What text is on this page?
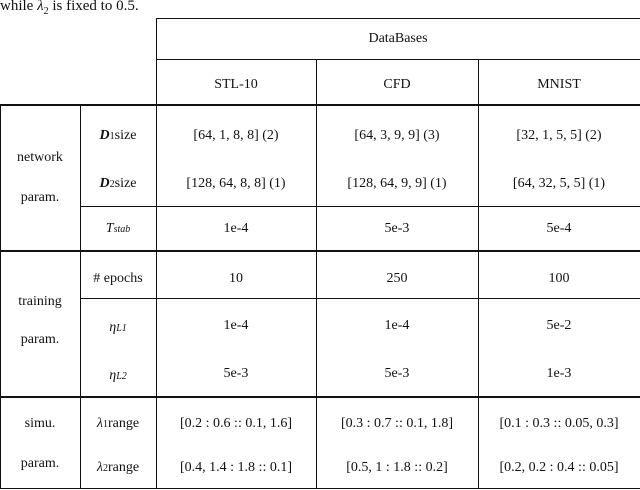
while $\lambda_2$ is fixed to 0.5.
DataBases
STL-10	CFD	MNIST
network
param.
D 1 size	[64, 1, 8, 8] (2)	[64, 3, 9, 9] (3)	[32, 1, 5, 5] (2)
D 2 size	[128, 64, 8, 8] (1)	[128, 64, 9, 9] (1)	[64, 32, 5, 5] (1)
T stab	1e-4	5e-3	5e-4
training
param.
# epochs	10	250	100
η L1	1e-4	1e-4	5e-2
η L2	5e-3	5e-3	1e-3
simu.
param.
λ 1 range	[0.2 : 0.6 :: 0.1, 1.6]	[0.3 : 0.7 :: 0.1, 1.8]	[0.1 : 0.3 :: 0.05, 0.3]
λ 2 range	[0.4, 1.4 : 1.8 :: 0.1]	[0.5, 1 : 1.8 :: 0.2]	[0.2, 0.2 : 0.4 :: 0.05]
